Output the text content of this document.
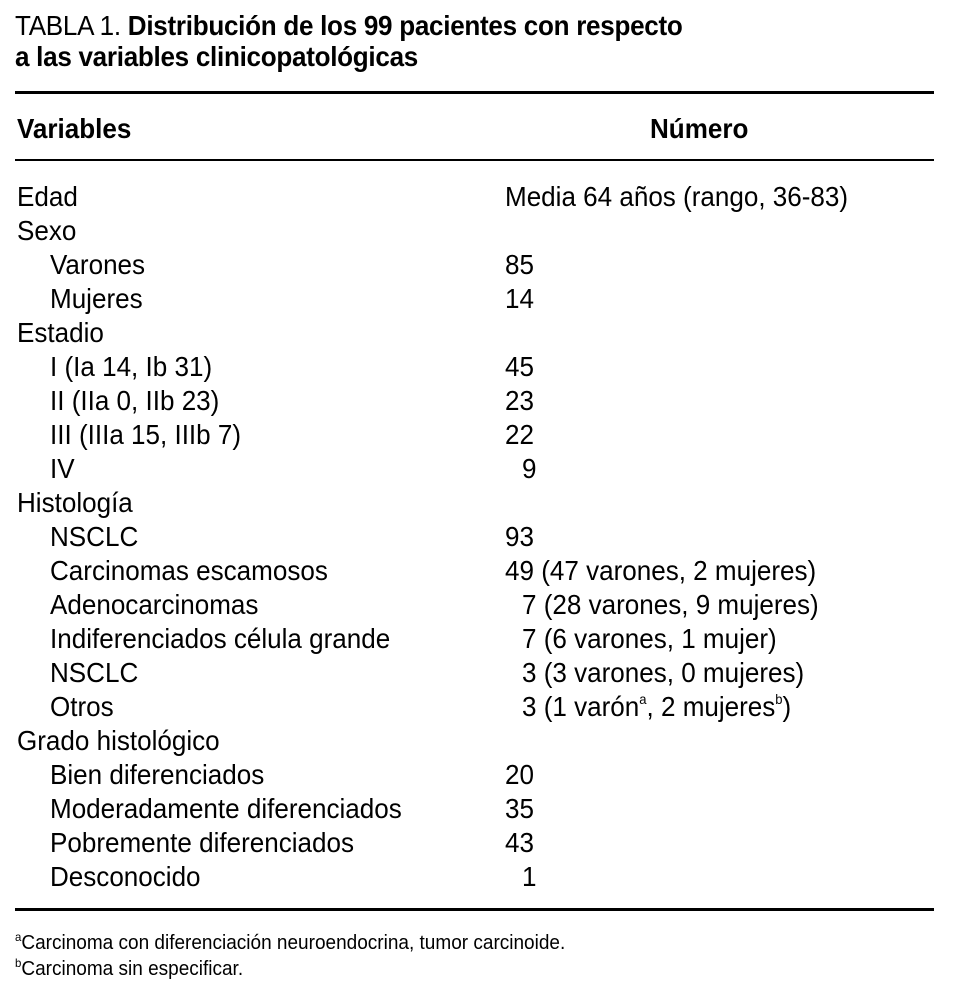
TABLA 1. Distribución de los 99 pacientes con respecto
a las variables clinicopatológicas
Variables	Número
Edad	Media 64 años (rango, 36-83)
Sexo
Varones	85
Mujeres	14
Estadio
I (Ia 14, Ib 31)	45
II (IIa 0, IIb 23)	23
III (IIIa 15, IIIb 7)	22
IV	9
Histología
NSCLC	93
Carcinomas escamosos	49 (47 varones, 2 mujeres)
Adenocarcinomas	7 (28 varones, 9 mujeres)
Indiferenciados célula grande	7 (6 varones, 1 mujer)
NSCLC	3 (3 varones, 0 mujeres)
Otros	3 (1 varón$^a$, 2 mujeres$^b$)
Grado histológico
Bien diferenciados	20
Moderadamente diferenciados	35
Pobremente diferenciados	43
Desconocido	1
$^a$Carcinoma con diferenciación neuroendocrina, tumor carcinoide.
$^b$Carcinoma sin especificar.
